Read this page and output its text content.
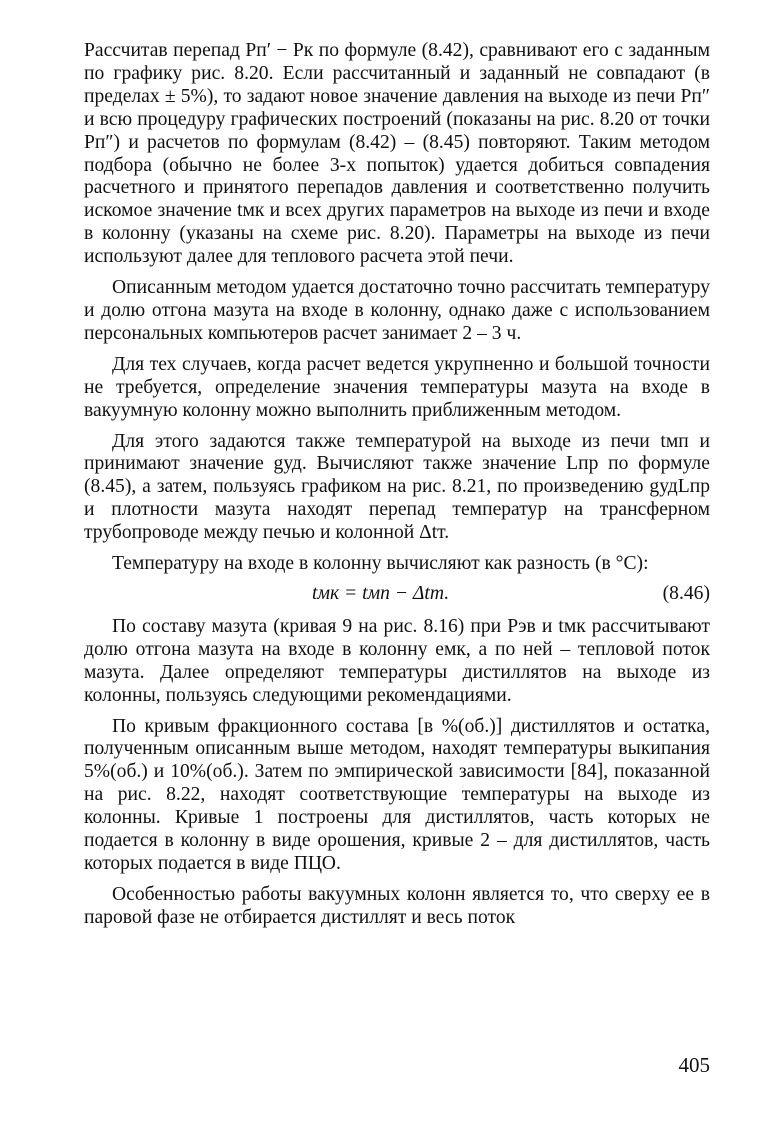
Рассчитав перепад Pп′ − Pк по формуле (8.42), сравнивают его с заданным по графику рис. 8.20. Если рассчитанный и заданный не совпадают (в пределах ± 5%), то задают новое значение давления на выходе из печи Pп″ и всю процедуру графических построений (показаны на рис. 8.20 от точки Pп″) и расчетов по формулам (8.42) – (8.45) повторяют. Таким методом подбора (обычно не более 3-х попыток) удается добиться совпадения расчетного и принятого перепадов давления и соответственно получить искомое значение tмк и всех других параметров на выходе из печи и входе в колонну (указаны на схеме рис. 8.20). Параметры на выходе из печи используют далее для теплового расчета этой печи.

Описанным методом удается достаточно точно рассчитать температуру и долю отгона мазута на входе в колонну, однако даже с использованием персональных компьютеров расчет занимает 2 – 3 ч.

Для тех случаев, когда расчет ведется укрупненно и большой точности не требуется, определение значения температуры мазута на входе в вакуумную колонну можно выполнить приближенным методом.

Для этого задаются также температурой на выходе из печи tмп и принимают значение gуд. Вычисляют также значение Lпр по формуле (8.45), а затем, пользуясь графиком на рис. 8.21, по произведению gудLпр и плотности мазута находят перепад температур на трансферном трубопроводе между печью и колонной Δtт.

Температуру на входе в колонну вычисляют как разность (в °С):

tмк = tмп − Δtт.	(8.46)

По составу мазута (кривая 9 на рис. 8.16) при Pэв и tмк рассчитывают долю отгона мазута на входе в колонну eмк, а по ней – тепловой поток мазута. Далее определяют температуры дистиллятов на выходе из колонны, пользуясь следующими рекомендациями.

По кривым фракционного состава [в %(об.)] дистиллятов и остатка, полученным описанным выше методом, находят температуры выкипания 5%(об.) и 10%(об.). Затем по эмпирической зависимости [84], показанной на рис. 8.22, находят соответствующие температуры на выходе из колонны. Кривые 1 построены для дистиллятов, часть которых не подается в колонну в виде орошения, кривые 2 – для дистиллятов, часть которых подается в виде ПЦО.

Особенностью работы вакуумных колонн является то, что сверху ее в паровой фазе не отбирается дистиллят и весь поток

405
